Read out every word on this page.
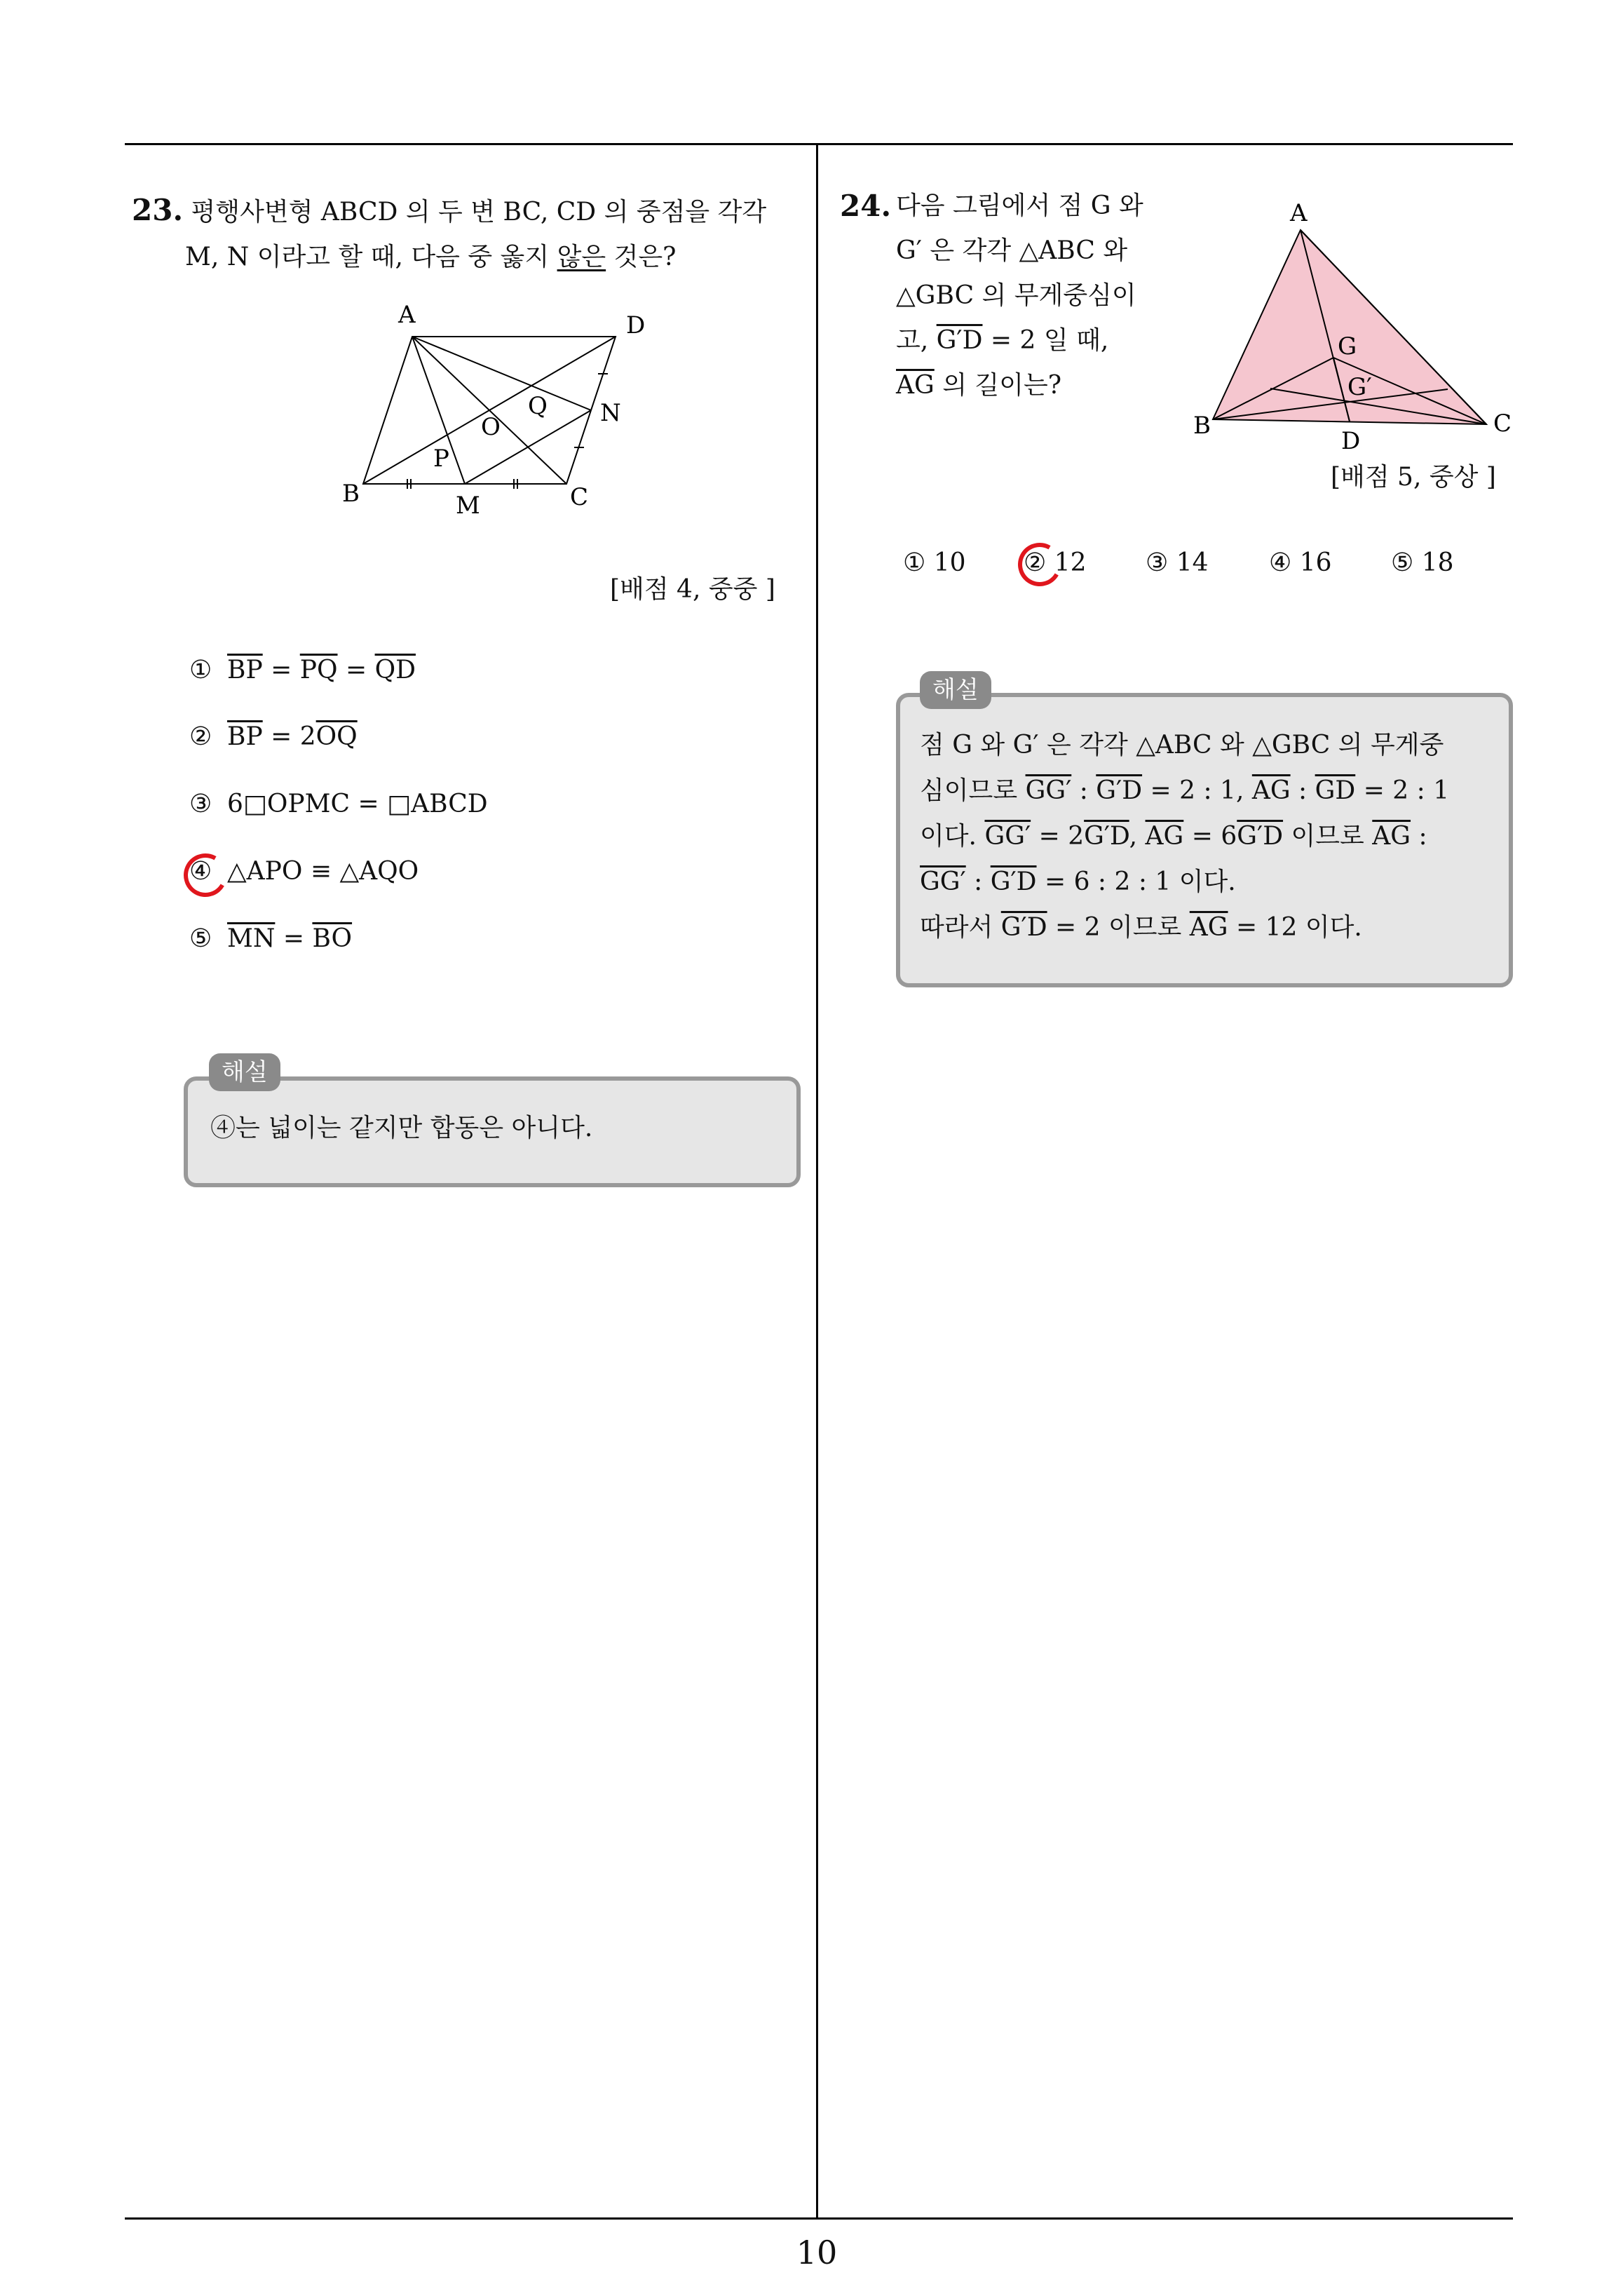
23. 평행사변형 ABCD 의 두 변 BC, CD 의 중점을 각각
M, N 이라고 할 때, 다음 중 옳지 않은 것은?
A	D
B	C
M
N
O
P
Q
[배점 4, 중중 ]
① $\overline{BP} = \overline{PQ} = \overline{QD}$
② $\overline{BP} = 2\overline{OQ}$
③ 6□OPMC = □ABCD
④ △APO ≡ △AQO
⑤ $\overline{MN} = \overline{BO}$
해설
④는 넓이는 같지만 합동은 아니다.
24. 다음 그림에서 점 G 와
G′ 은 각각 △ABC 와
△GBC 의 무게중심이
고, G′D = 2 일 때,
$\overline{AG}$ 의 길이는?
A
B	C
D
G
G′
[배점 5, 중상 ]
① 10 ② 12 ③ 14 ④ 16 ⑤ 18
해설
점 G 와 G′ 은 각각 △ABC 와 △GBC 의 무게중
심이므로 GG′ : G′D = 2 : 1, $\overline{AG}$ : $\overline{GD} = 2$ : 1
이다. GG′ = 2G′D, $\overline{AG} = 6G'D$ 이므로 $\overline{AG}$ :
GG′ : G′D = 6 : 2 : 1 이다.
따라서 G′D = 2 이므로 $\overline{AG} = 12$ 이다.
10
